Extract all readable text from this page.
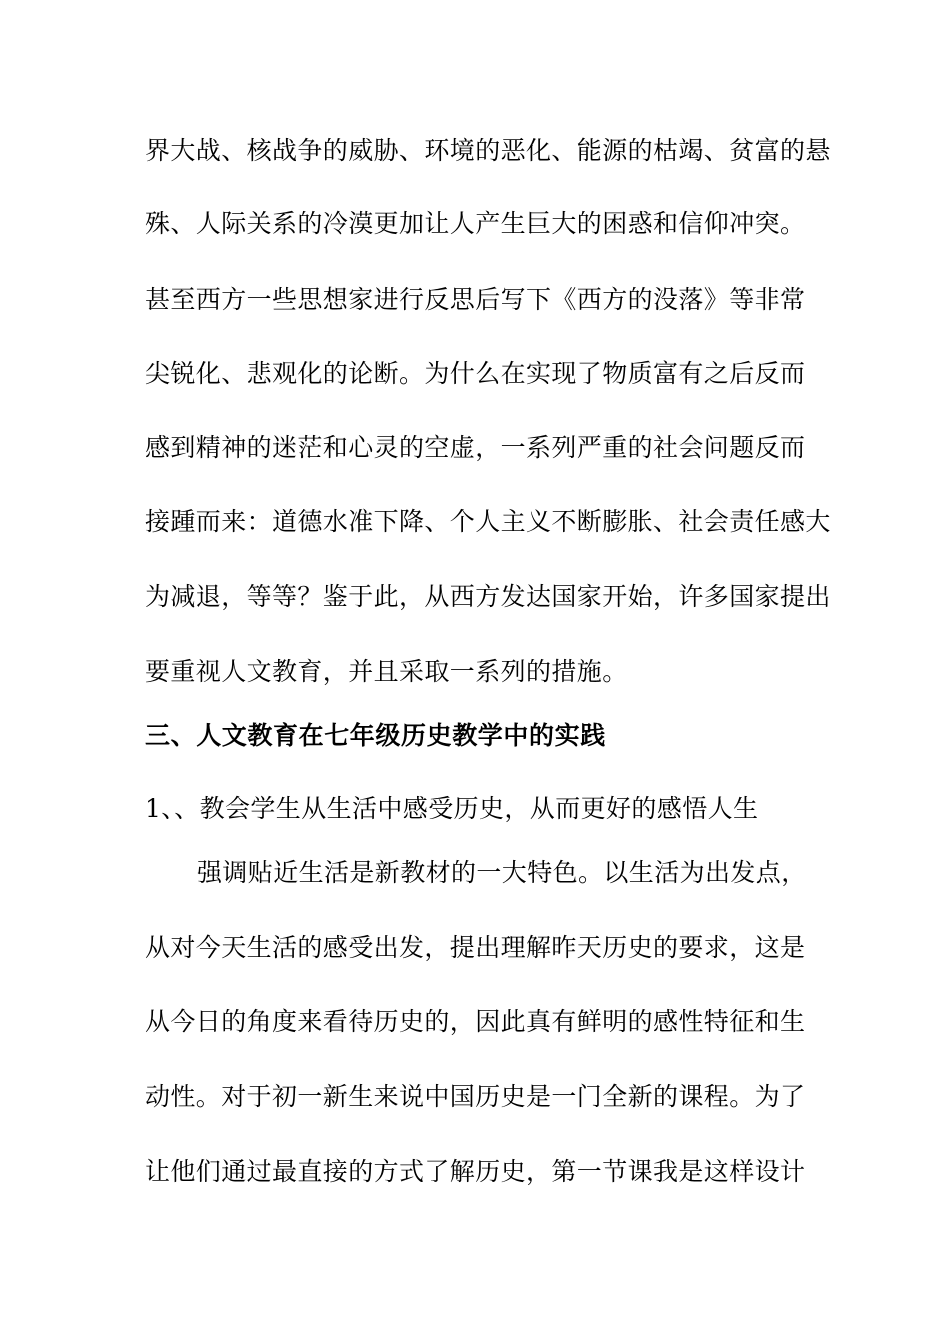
界大战、核战争的威胁、环境的恶化、能源的枯竭、贫富的悬
殊、人际关系的冷漠更加让人产生巨大的困惑和信仰冲突。
甚至西方一些思想家进行反思后写下《西方的没落》等非常
尖锐化、悲观化的论断。为什么在实现了物质富有之后反而
感到精神的迷茫和心灵的空虚，一系列严重的社会问题反而
接踵而来：道德水准下降、个人主义不断膨胀、社会责任感大
为减退，等等？鉴于此，从西方发达国家开始，许多国家提出
要重视人文教育，并且采取一系列的措施。
三、人文教育在七年级历史教学中的实践
1、、教会学生从生活中感受历史，从而更好的感悟人生
强调贴近生活是新教材的一大特色。以生活为出发点，
从对今天生活的感受出发，提出理解昨天历史的要求，这是
从今日的角度来看待历史的，因此真有鲜明的感性特征和生
动性。对于初一新生来说中国历史是一门全新的课程。为了
让他们通过最直接的方式了解历史，第一节课我是这样设计
